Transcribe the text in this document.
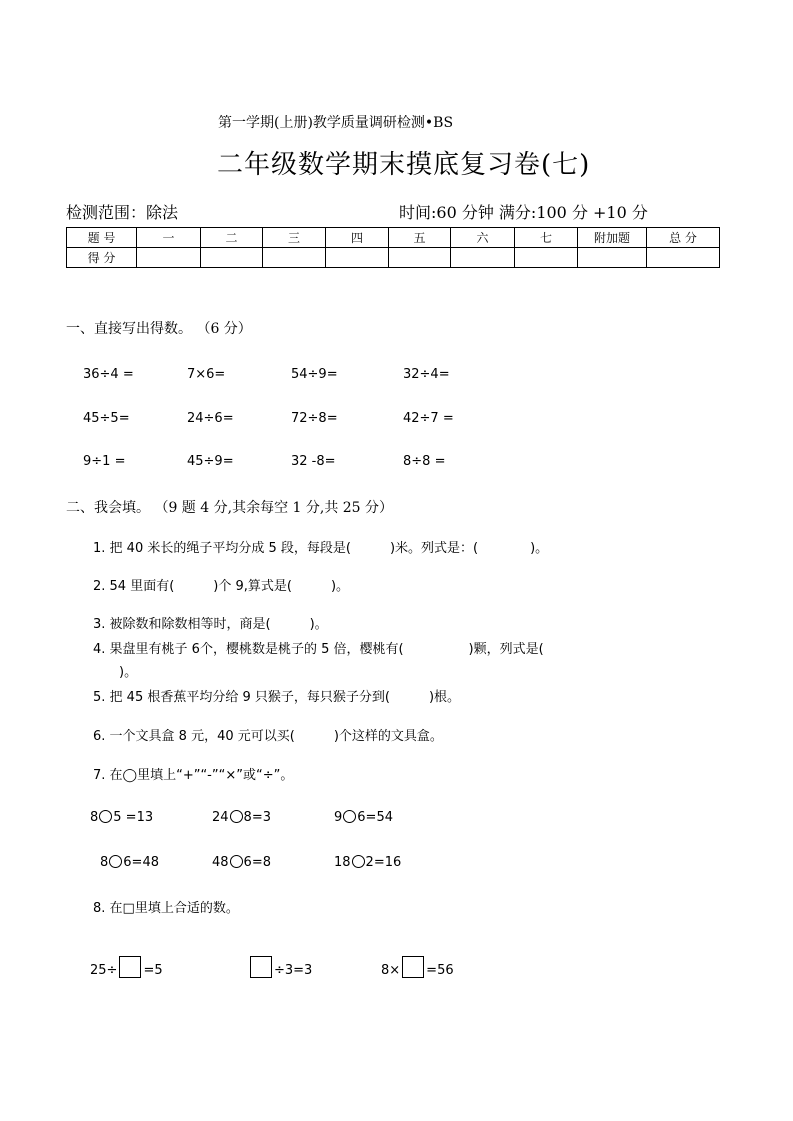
第一学期(上册)教学质量调研检测•BS
二年级数学期末摸底复习卷(七)
检测范围：除法	时间:60 分钟 满分:100 分 +10 分
题 号	一	二	三	四	五	六	七	附加题	总 分
得 分									
一、直接写出得数。 （6 分）
36÷4 =	7×6=	54÷9=	32÷4=
45÷5=	24÷6=	72÷8=	42÷7 =
9÷1 =	45÷9=	32 -8=	8÷8 =
二、我会填。 （9 题 4 分,其余每空 1 分,共 25 分）
1. 把 40 米长的绳子平均分成 5 段，每段是(　　　)米。列式是：(　　　　)。
2. 54 里面有(　　　)个 9,算式是(　　　)。
3. 被除数和除数相等时，商是(　　　)。
4. 果盘里有桃子 6个，樱桃数是桃子的 5 倍，樱桃有(　　　　　)颗，列式是(
)。
5. 把 45 根香蕉平均分给 9 只猴子，每只猴子分到(　　　)根。
6. 一个文具盒 8 元，40 元可以买(　　　)个这样的文具盒。
7. 在◯里填上“+”“-”“×”或“÷”。
8 5 =13	24 8=3	9 6=54
8 6=48	48 6=8	18 2=16
8. 在□里填上合适的数。
25÷ =5	÷3=3	8× =56
